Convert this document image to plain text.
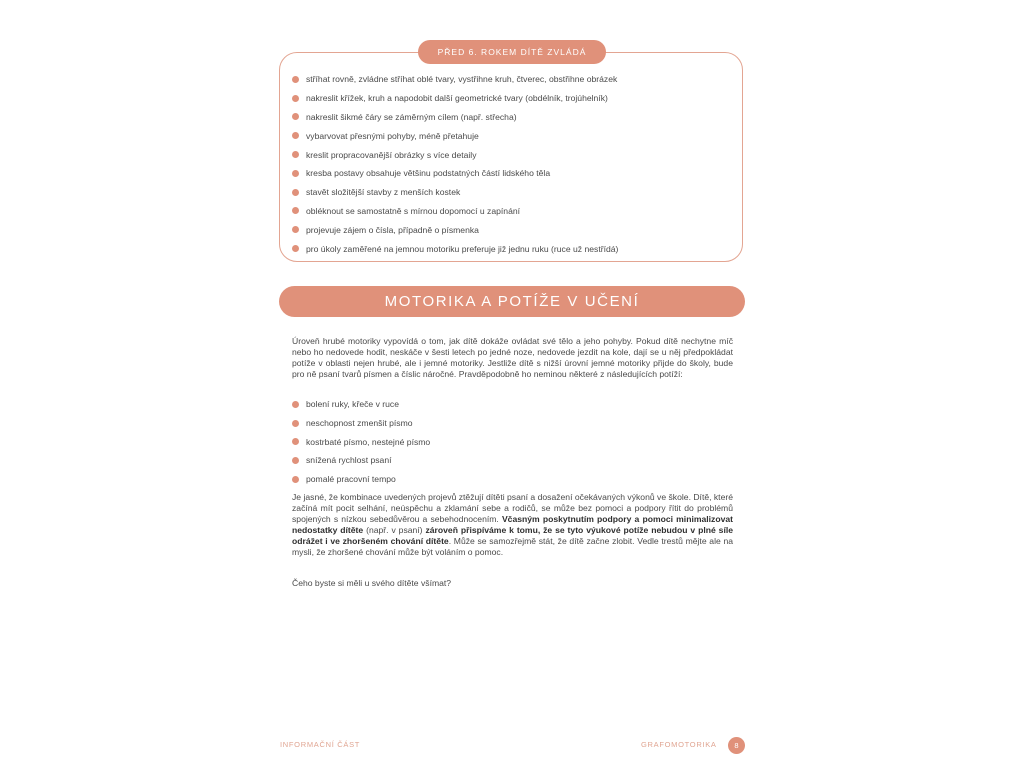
PŘED 6. ROKEM DÍTĚ ZVLÁDÁ
stříhat rovně, zvládne stříhat oblé tvary, vystřihne kruh, čtverec, obstřihne obrázek
nakreslit křížek, kruh a napodobit další geometrické tvary (obdélník, trojúhelník)
nakreslit šikmé čáry se záměrným cílem (např. střecha)
vybarvovat přesnými pohyby, méně přetahuje
kreslit propracovanější obrázky s více detaily
kresba postavy obsahuje většinu podstatných částí lidského těla
stavět složitější stavby z menších kostek
obléknout se samostatně s mírnou dopomocí u zapínání
projevuje zájem o čísla, případně o písmenka
pro úkoly zaměřené na jemnou motoriku preferuje již jednu ruku (ruce už nestřídá)
MOTORIKA A POTÍŽE V UČENÍ

Úroveň hrubé motoriky vypovídá o tom, jak dítě dokáže ovládat své tělo a jeho pohyby. Pokud dítě nechytne míč nebo ho nedovede hodit, neskáče v šesti letech po jedné noze, nedovede jezdit na kole, dají se u něj předpokládat potíže v oblasti nejen hrubé, ale i jemné motoriky. Jestliže dítě s nižší úrovní jemné motoriky přijde do školy, bude pro ně psaní tvarů písmen a číslic náročné. Pravděpodobně ho neminou některé z následujících potíží:

bolení ruky, křeče v ruce
neschopnost zmenšit písmo
kostrbaté písmo, nestejné písmo
snížená rychlost psaní
pomalé pracovní tempo

Je jasné, že kombinace uvedených projevů ztěžují dítěti psaní a dosažení očekávaných výkonů ve škole. Dítě, které začíná mít pocit selhání, neúspěchu a zklamání sebe a rodičů, se může bez pomoci a podpory řítit do problémů spojených s nízkou sebedůvěrou a sebehodnocením. Včasným poskytnutím podpory a pomoci minimalizovat nedostatky dítěte (např. v psaní) zároveň přispíváme k tomu, že se tyto výukové potíže nebudou v plné síle odrážet i ve zhoršeném chování dítěte. Může se samozřejmě stát, že dítě začne zlobit. Vedle trestů mějte ale na mysli, že zhoršené chování může být voláním o pomoc.

Čeho byste si měli u svého dítěte všímat?

INFORMAČNÍ ČÁST	GRAFOMOTORIKA	8
